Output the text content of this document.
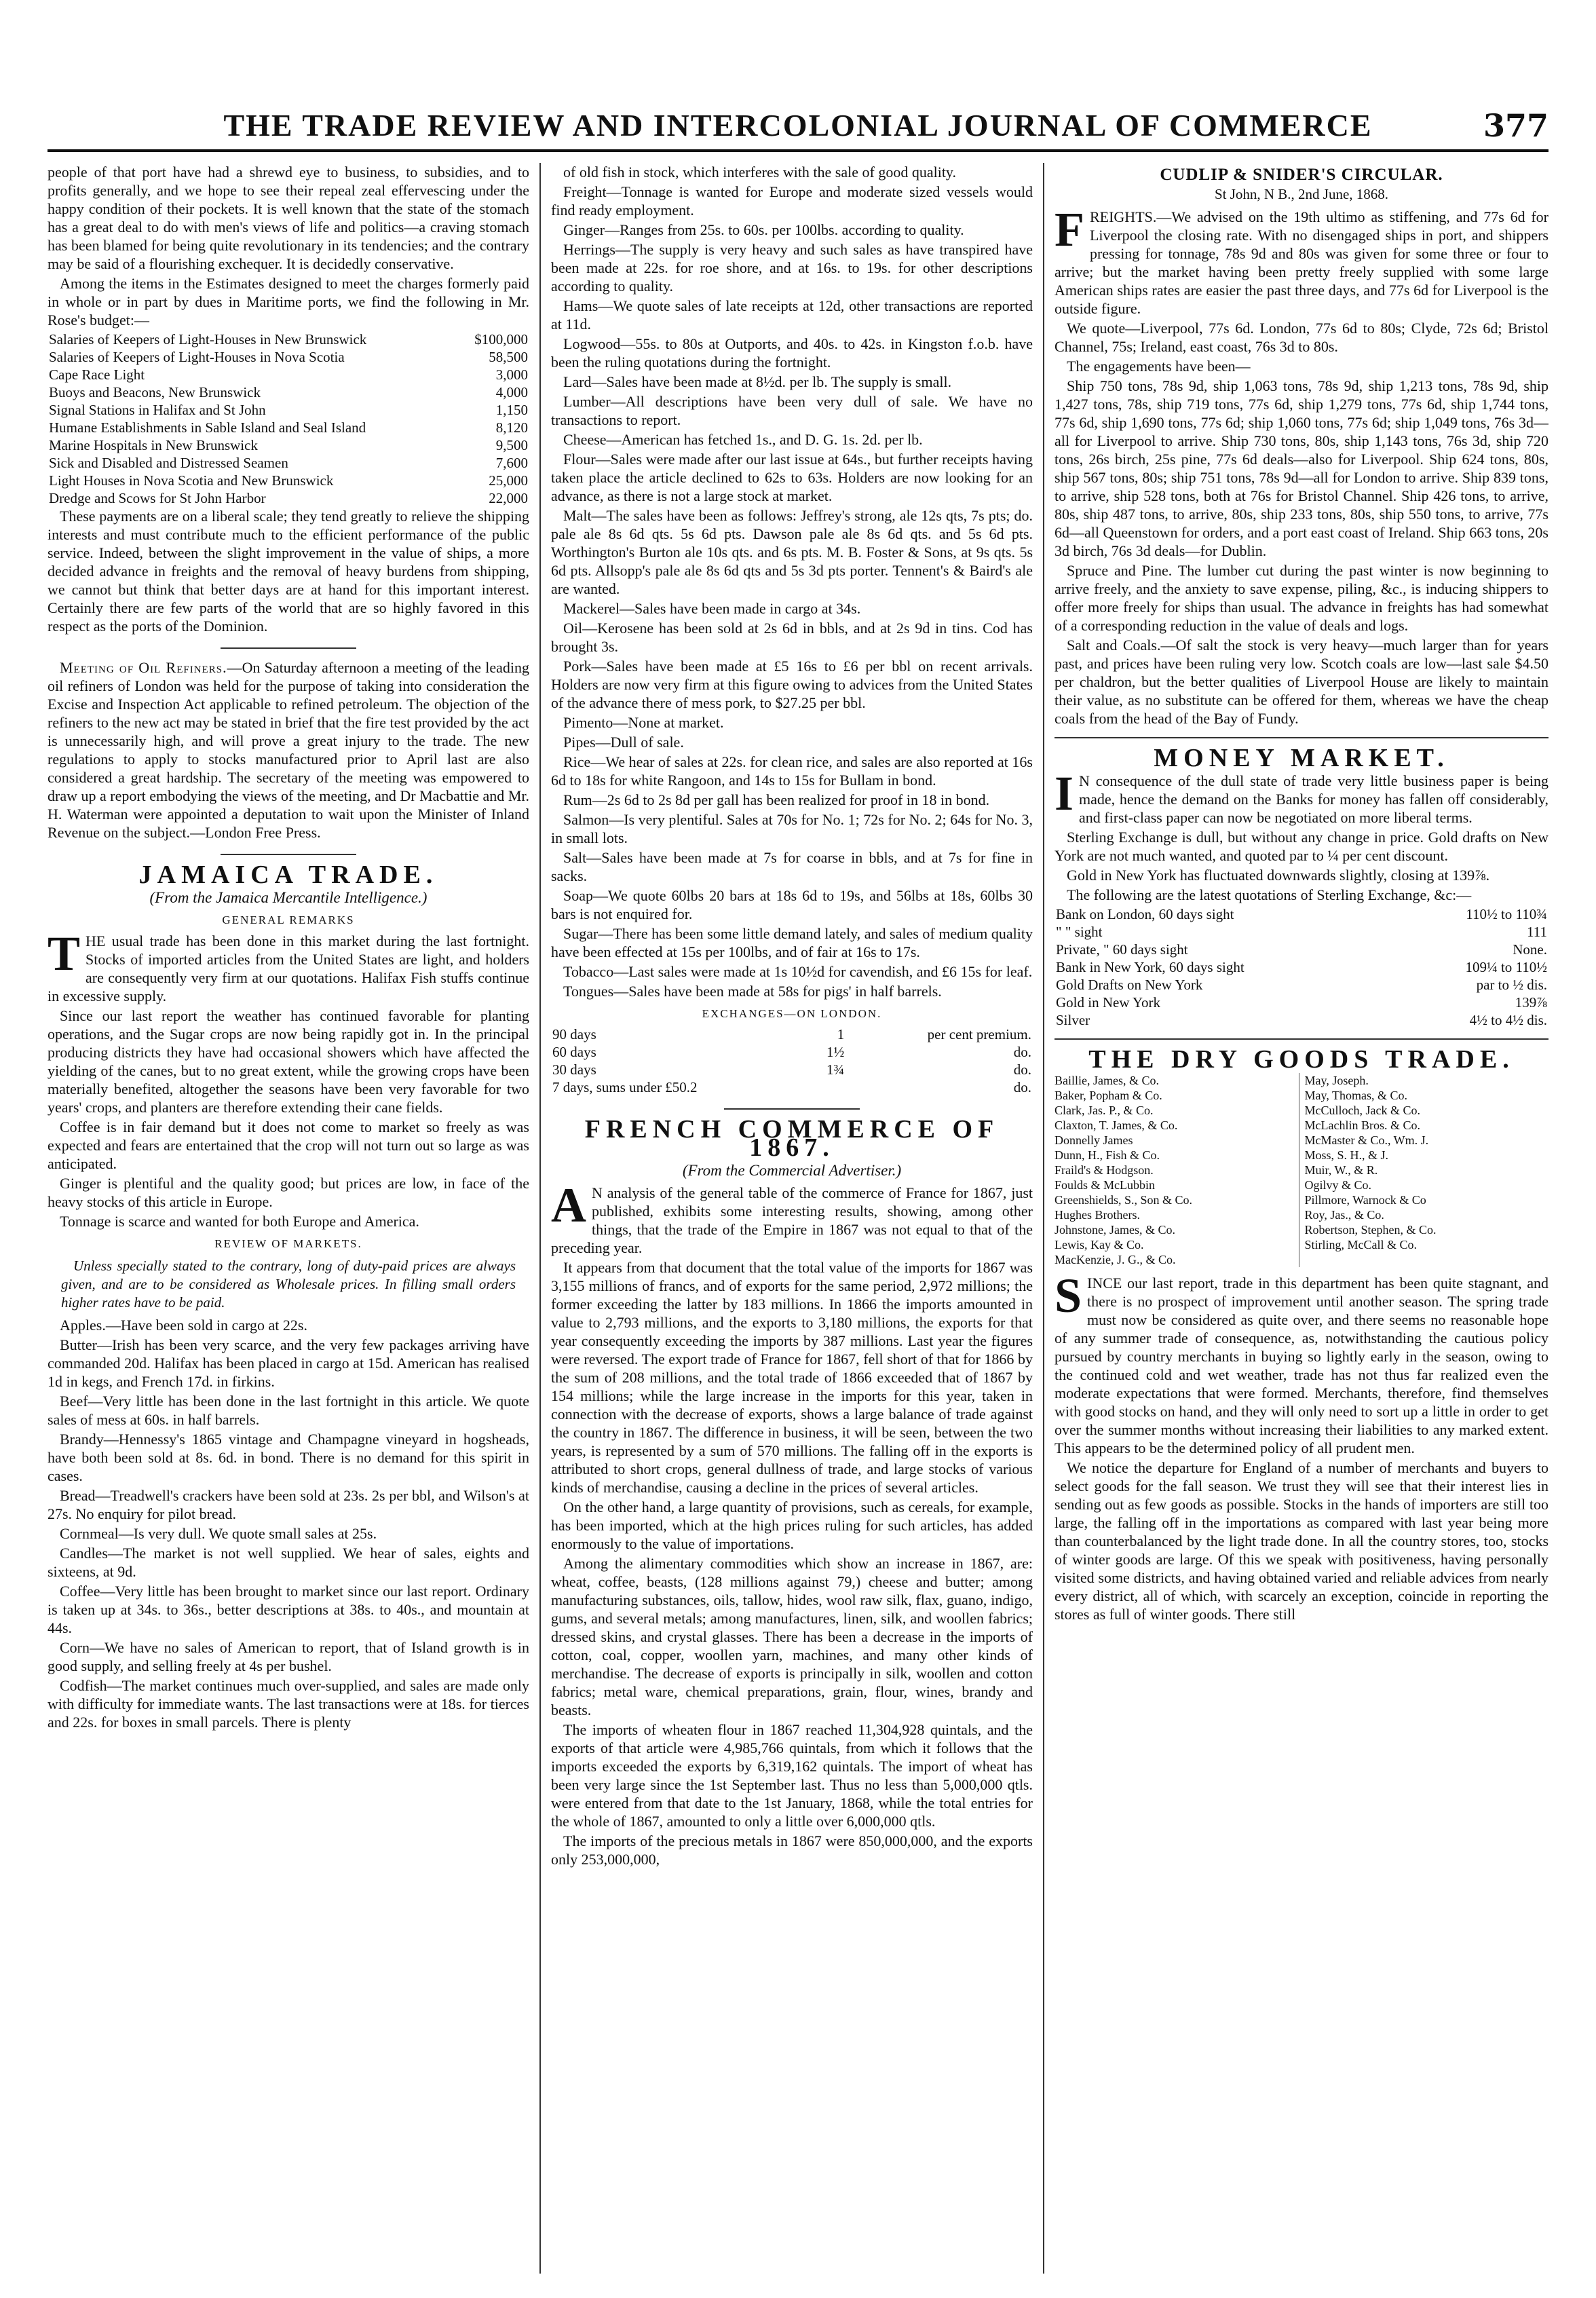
THE TRADE REVIEW AND INTERCOLONIAL JOURNAL OF COMMERCE	377

people of that port have had a shrewd eye to business, to subsidies, and to profits generally, and we hope to see their repeal zeal effervescing under the happy condition of their pockets. It is well known that the state of the stomach has a great deal to do with men's views of life and politics—a craving stomach has been blamed for being quite revolutionary in its tendencies; and the contrary may be said of a flourishing exchequer. It is decidedly conservative.

Among the items in the Estimates designed to meet the charges formerly paid in whole or in part by dues in Maritime ports, we find the following in Mr. Rose's budget:—

Salaries of Keepers of Light-Houses in New Brunswick	$100,000
Salaries of Keepers of Light-Houses in Nova Scotia	58,500
Cape Race Light	3,000
Buoys and Beacons, New Brunswick	4,000
Signal Stations in Halifax and St John	1,150
Humane Establishments in Sable Island and Seal Island	8,120
Marine Hospitals in New Brunswick	9,500
Sick and Disabled and Distressed Seamen	7,600
Light Houses in Nova Scotia and New Brunswick	25,000
Dredge and Scows for St John Harbor	22,000

These payments are on a liberal scale; they tend greatly to relieve the shipping interests and must contribute much to the efficient performance of the public service. Indeed, between the slight improvement in the value of ships, a more decided advance in freights and the removal of heavy burdens from shipping, we cannot but think that better days are at hand for this important interest. Certainly there are few parts of the world that are so highly favored in this respect as the ports of the Dominion.

Meeting of Oil Refiners.—On Saturday afternoon a meeting of the leading oil refiners of London was held for the purpose of taking into consideration the Excise and Inspection Act applicable to refined petroleum. The objection of the refiners to the new act may be stated in brief that the fire test provided by the act is unnecessarily high, and will prove a great injury to the trade. The new regulations to apply to stocks manufactured prior to April last are also considered a great hardship. The secretary of the meeting was empowered to draw up a report embodying the views of the meeting, and Dr Macbattie and Mr. H. Waterman were appointed a deputation to wait upon the Minister of Inland Revenue on the subject.—London Free Press.

JAMAICA TRADE.
(From the Jamaica Mercantile Intelligence.)
GENERAL REMARKS

THE usual trade has been done in this market during the last fortnight. Stocks of imported articles from the United States are light, and holders are consequently very firm at our quotations. Halifax Fish stuffs continue in excessive supply.

Since our last report the weather has continued favorable for planting operations, and the Sugar crops are now being rapidly got in. In the principal producing districts they have had occasional showers which have affected the yielding of the canes, but to no great extent, while the growing crops have been materially benefited, altogether the seasons have been very favorable for two years' crops, and planters are therefore extending their cane fields.

Coffee is in fair demand but it does not come to market so freely as was expected and fears are entertained that the crop will not turn out so large as was anticipated.

Ginger is plentiful and the quality good; but prices are low, in face of the heavy stocks of this article in Europe.

Tonnage is scarce and wanted for both Europe and America.

REVIEW OF MARKETS.

Unless specially stated to the contrary, long of duty-paid prices are always given, and are to be considered as Wholesale prices. In filling small orders higher rates have to be paid.

Apples.—Have been sold in cargo at 22s.

Butter—Irish has been very scarce, and the very few packages arriving have commanded 20d. Halifax has been placed in cargo at 15d. American has realised 1d in kegs, and French 17d. in firkins.

Beef—Very little has been done in the last fortnight in this article. We quote sales of mess at 60s. in half barrels.

Brandy—Hennessy's 1865 vintage and Champagne vineyard in hogsheads, have both been sold at 8s. 6d. in bond. There is no demand for this spirit in cases.

Bread—Treadwell's crackers have been sold at 23s. 2s per bbl, and Wilson's at 27s. No enquiry for pilot bread.

Cornmeal—Is very dull. We quote small sales at 25s.

Candles—The market is not well supplied. We hear of sales, eights and sixteens, at 9d.

Coffee—Very little has been brought to market since our last report. Ordinary is taken up at 34s. to 36s., better descriptions at 38s. to 40s., and mountain at 44s.

Corn—We have no sales of American to report, that of Island growth is in good supply, and selling freely at 4s per bushel.

Codfish—The market continues much over-supplied, and sales are made only with difficulty for immediate wants. The last transactions were at 18s. for tierces and 22s. for boxes in small parcels. There is plenty

of old fish in stock, which interferes with the sale of good quality.

Freight—Tonnage is wanted for Europe and moderate sized vessels would find ready employment.

Ginger—Ranges from 25s. to 60s. per 100lbs. according to quality.

Herrings—The supply is very heavy and such sales as have transpired have been made at 22s. for roe shore, and at 16s. to 19s. for other descriptions according to quality.

Hams—We quote sales of late receipts at 12d, other transactions are reported at 11d.

Logwood—55s. to 80s at Outports, and 40s. to 42s. in Kingston f.o.b. have been the ruling quotations during the fortnight.

Lard—Sales have been made at 8½d. per lb. The supply is small.

Lumber—All descriptions have been very dull of sale. We have no transactions to report.

Cheese—American has fetched 1s., and D. G. 1s. 2d. per lb.

Flour—Sales were made after our last issue at 64s., but further receipts having taken place the article declined to 62s to 63s. Holders are now looking for an advance, as there is not a large stock at market.

Malt—The sales have been as follows: Jeffrey's strong, ale 12s qts, 7s pts; do. pale ale 8s 6d qts. 5s 6d pts. Dawson pale ale 8s 6d qts. and 5s 6d pts. Worthington's Burton ale 10s qts. and 6s pts. M. B. Foster & Sons, at 9s qts. 5s 6d pts. Allsopp's pale ale 8s 6d qts and 5s 3d pts porter. Tennent's & Baird's ale are wanted.

Mackerel—Sales have been made in cargo at 34s.

Oil—Kerosene has been sold at 2s 6d in bbls, and at 2s 9d in tins. Cod has brought 3s.

Pork—Sales have been made at £5 16s to £6 per bbl on recent arrivals. Holders are now very firm at this figure owing to advices from the United States of the advance there of mess pork, to $27.25 per bbl.

Pimento—None at market.

Pipes—Dull of sale.

Rice—We hear of sales at 22s. for clean rice, and sales are also reported at 16s 6d to 18s for white Rangoon, and 14s to 15s for Bullam in bond.

Rum—2s 6d to 2s 8d per gall has been realized for proof in 18 in bond.

Salmon—Is very plentiful. Sales at 70s for No. 1; 72s for No. 2; 64s for No. 3, in small lots.

Salt—Sales have been made at 7s for coarse in bbls, and at 7s for fine in sacks.

Soap—We quote 60lbs 20 bars at 18s 6d to 19s, and 56lbs at 18s, 60lbs 30 bars is not enquired for.

Sugar—There has been some little demand lately, and sales of medium quality have been effected at 15s per 100lbs, and of fair at 16s to 17s.

Tobacco—Last sales were made at 1s 10½d for cavendish, and £6 15s for leaf.

Tongues—Sales have been made at 58s for pigs' in half barrels.

EXCHANGES—ON LONDON.
90 days	1	per cent premium.
60 days	1½	do.
30 days	1¾	do.
7 days, sums under £50.2		do.
FRENCH COMMERCE OF 1867.
(From the Commercial Advertiser.)

A N analysis of the general table of the commerce of France for 1867, just published, exhibits some interesting results, showing, among other things, that the trade of the Empire in 1867 was not equal to that of the preceding year.

It appears from that document that the total value of the imports for 1867 was 3,155 millions of francs, and of exports for the same period, 2,972 millions; the former exceeding the latter by 183 millions. In 1866 the imports amounted in value to 2,793 millions, and the exports to 3,180 millions, the exports for that year consequently exceeding the imports by 387 millions. Last year the figures were reversed. The export trade of France for 1867, fell short of that for 1866 by the sum of 208 millions, and the total trade of 1866 exceeded that of 1867 by 154 millions; while the large increase in the imports for this year, taken in connection with the decrease of exports, shows a large balance of trade against the country in 1867. The difference in business, it will be seen, between the two years, is represented by a sum of 570 millions. The falling off in the exports is attributed to short crops, general dullness of trade, and large stocks of various kinds of merchandise, causing a decline in the prices of several articles.

On the other hand, a large quantity of provisions, such as cereals, for example, has been imported, which at the high prices ruling for such articles, has added enormously to the value of importations.

Among the alimentary commodities which show an increase in 1867, are: wheat, coffee, beasts, (128 millions against 79,) cheese and butter; among manufacturing substances, oils, tallow, hides, wool raw silk, flax, guano, indigo, gums, and several metals; among manufactures, linen, silk, and woollen fabrics; dressed skins, and crystal glasses. There has been a decrease in the imports of cotton, coal, copper, woollen yarn, machines, and many other kinds of merchandise. The decrease of exports is principally in silk, woollen and cotton fabrics; metal ware, chemical preparations, grain, flour, wines, brandy and beasts.

The imports of wheaten flour in 1867 reached 11,304,928 quintals, and the exports of that article were 4,985,766 quintals, from which it follows that the imports exceeded the exports by 6,319,162 quintals. The import of wheat has been very large since the 1st September last. Thus no less than 5,000,000 qtls. were entered from that date to the 1st January, 1868, while the total entries for the whole of 1867, amounted to only a little over 6,000,000 qtls.

The imports of the precious metals in 1867 were 850,000,000, and the exports only 253,000,000,

CUDLIP & SNIDER'S CIRCULAR.
St John, N B., 2nd June, 1868.

FREIGHTS.—We advised on the 19th ultimo as stiffening, and 77s 6d for Liverpool the closing rate. With no disengaged ships in port, and shippers pressing for tonnage, 78s 9d and 80s was given for some three or four to arrive; but the market having been pretty freely supplied with some large American ships rates are easier the past three days, and 77s 6d for Liverpool is the outside figure.

We quote—Liverpool, 77s 6d. London, 77s 6d to 80s; Clyde, 72s 6d; Bristol Channel, 75s; Ireland, east coast, 76s 3d to 80s.

The engagements have been—

Ship 750 tons, 78s 9d, ship 1,063 tons, 78s 9d, ship 1,213 tons, 78s 9d, ship 1,427 tons, 78s, ship 719 tons, 77s 6d, ship 1,279 tons, 77s 6d, ship 1,744 tons, 77s 6d, ship 1,690 tons, 77s 6d; ship 1,060 tons, 77s 6d; ship 1,049 tons, 76s 3d—all for Liverpool to arrive. Ship 730 tons, 80s, ship 1,143 tons, 76s 3d, ship 720 tons, 26s birch, 25s pine, 77s 6d deals—also for Liverpool. Ship 624 tons, 80s, ship 567 tons, 80s; ship 751 tons, 78s 9d—all for London to arrive. Ship 839 tons, to arrive, ship 528 tons, both at 76s for Bristol Channel. Ship 426 tons, to arrive, 80s, ship 487 tons, to arrive, 80s, ship 233 tons, 80s, ship 550 tons, to arrive, 77s 6d—all Queenstown for orders, and a port east coast of Ireland. Ship 663 tons, 20s 3d birch, 76s 3d deals—for Dublin.

Spruce and Pine. The lumber cut during the past winter is now beginning to arrive freely, and the anxiety to save expense, piling, &c., is inducing shippers to offer more freely for ships than usual. The advance in freights has had somewhat of a corresponding reduction in the value of deals and logs.

Salt and Coals.—Of salt the stock is very heavy—much larger than for years past, and prices have been ruling very low. Scotch coals are low—last sale $4.50 per chaldron, but the better qualities of Liverpool House are likely to maintain their value, as no substitute can be offered for them, whereas we have the cheap coals from the head of the Bay of Fundy.

MONEY MARKET.

I N consequence of the dull state of trade very little business paper is being made, hence the demand on the Banks for money has fallen off considerably, and first-class paper can now be negotiated on more liberal terms.

Sterling Exchange is dull, but without any change in price. Gold drafts on New York are not much wanted, and quoted par to ¼ per cent discount.

Gold in New York has fluctuated downwards slightly, closing at 139⅞.

The following are the latest quotations of Sterling Exchange, &c:—

Bank on London, 60 days sight	110½ to 110¾
" " sight	111
Private, " 60 days sight	None.
Bank in New York, 60 days sight	109¼ to 110½
Gold Drafts on New York	par to ½ dis.
Gold in New York	139⅞
Silver	4½ to 4½ dis.
THE DRY GOODS TRADE.
Baillie, James, & Co.
Baker, Popham & Co.
Clark, Jas. P., & Co.
Claxton, T. James, & Co.
Donnelly James
Dunn, H., Fish & Co.
Fraild's & Hodgson.
Foulds & McLubbin
Greenshields, S., Son & Co.
Hughes Brothers.
Johnstone, James, & Co.
Lewis, Kay & Co.
MacKenzie, J. G., & Co.
May, Joseph.
May, Thomas, & Co.
McCulloch, Jack & Co.
McLachlin Bros. & Co.
McMaster & Co., Wm. J.
Moss, S. H., & J.
Muir, W., & R.
Ogilvy & Co.
Pillmore, Warnock & Co
Roy, Jas., & Co.
Robertson, Stephen, & Co.
Stirling, McCall & Co.

SINCE our last report, trade in this department has been quite stagnant, and there is no prospect of improvement until another season. The spring trade must now be considered as quite over, and there seems no reasonable hope of any summer trade of consequence, as, notwithstanding the cautious policy pursued by country merchants in buying so lightly early in the season, owing to the continued cold and wet weather, trade has not thus far realized even the moderate expectations that were formed. Merchants, therefore, find themselves with good stocks on hand, and they will only need to sort up a little in order to get over the summer months without increasing their liabilities to any marked extent. This appears to be the determined policy of all prudent men.

We notice the departure for England of a number of merchants and buyers to select goods for the fall season. We trust they will see that their interest lies in sending out as few goods as possible. Stocks in the hands of importers are still too large, the falling off in the importations as compared with last year being more than counterbalanced by the light trade done. In all the country stores, too, stocks of winter goods are large. Of this we speak with positiveness, having personally visited some districts, and having obtained varied and reliable advices from nearly every district, all of which, with scarcely an exception, coincide in reporting the stores as full of winter goods. There still
